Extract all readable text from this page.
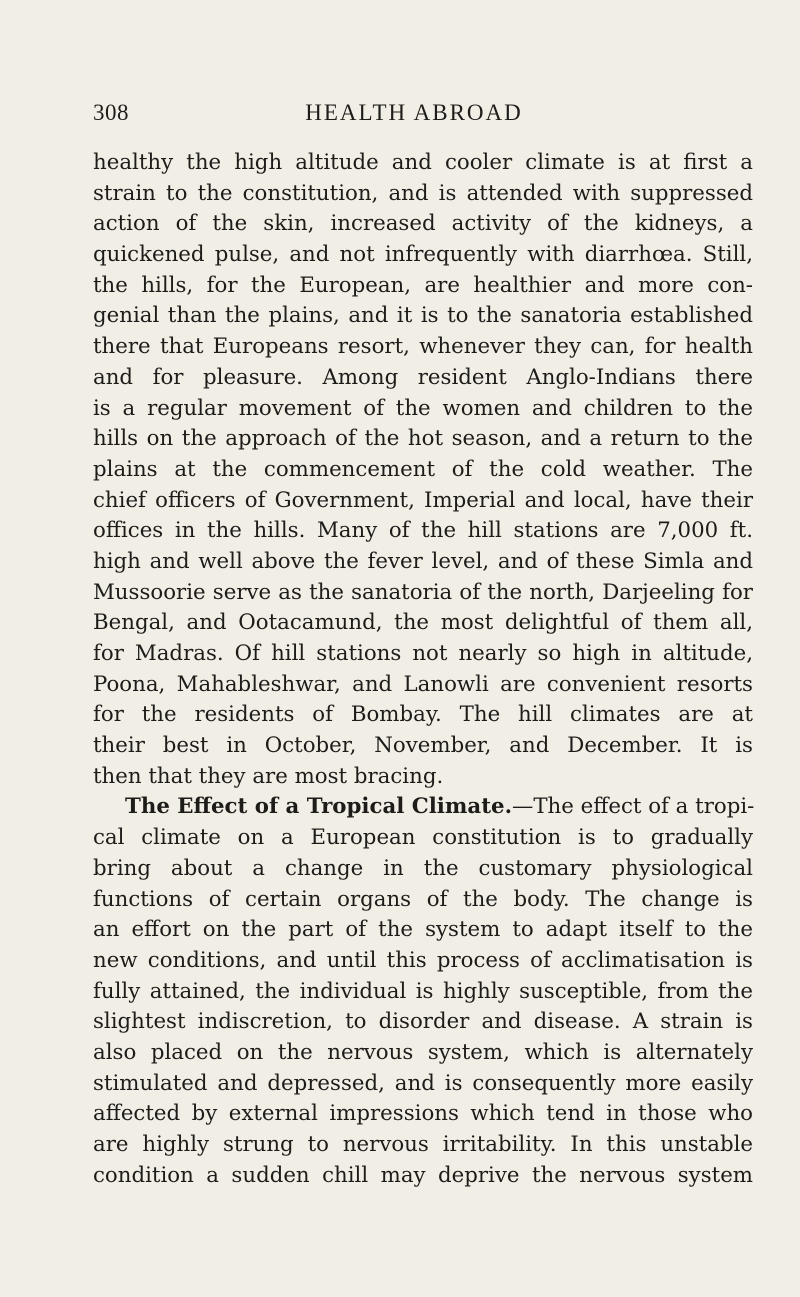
308	HEALTH ABROAD
healthy the high altitude and cooler climate is at first a
strain to the constitution, and is attended with suppressed
action of the skin, increased activity of the kidneys, a
quickened pulse, and not infrequently with diarrhœa. Still,
the hills, for the European, are healthier and more con-
genial than the plains, and it is to the sanatoria established
there that Europeans resort, whenever they can, for health
and for pleasure. Among resident Anglo-Indians there
is a regular movement of the women and children to the
hills on the approach of the hot season, and a return to the
plains at the commencement of the cold weather. The
chief officers of Government, Imperial and local, have their
offices in the hills. Many of the hill stations are 7,000 ft.
high and well above the fever level, and of these Simla and
Mussoorie serve as the sanatoria of the north, Darjeeling for
Bengal, and Ootacamund, the most delightful of them all,
for Madras. Of hill stations not nearly so high in altitude,
Poona, Mahableshwar, and Lanowli are convenient resorts
for the residents of Bombay. The hill climates are at
their best in October, November, and December. It is
then that they are most bracing.
The Effect of a Tropical Climate.—The effect of a tropi-
cal climate on a European constitution is to gradually
bring about a change in the customary physiological
functions of certain organs of the body. The change is
an effort on the part of the system to adapt itself to the
new conditions, and until this process of acclimatisation is
fully attained, the individual is highly susceptible, from the
slightest indiscretion, to disorder and disease. A strain is
also placed on the nervous system, which is alternately
stimulated and depressed, and is consequently more easily
affected by external impressions which tend in those who
are highly strung to nervous irritability. In this unstable
condition a sudden chill may deprive the nervous system
